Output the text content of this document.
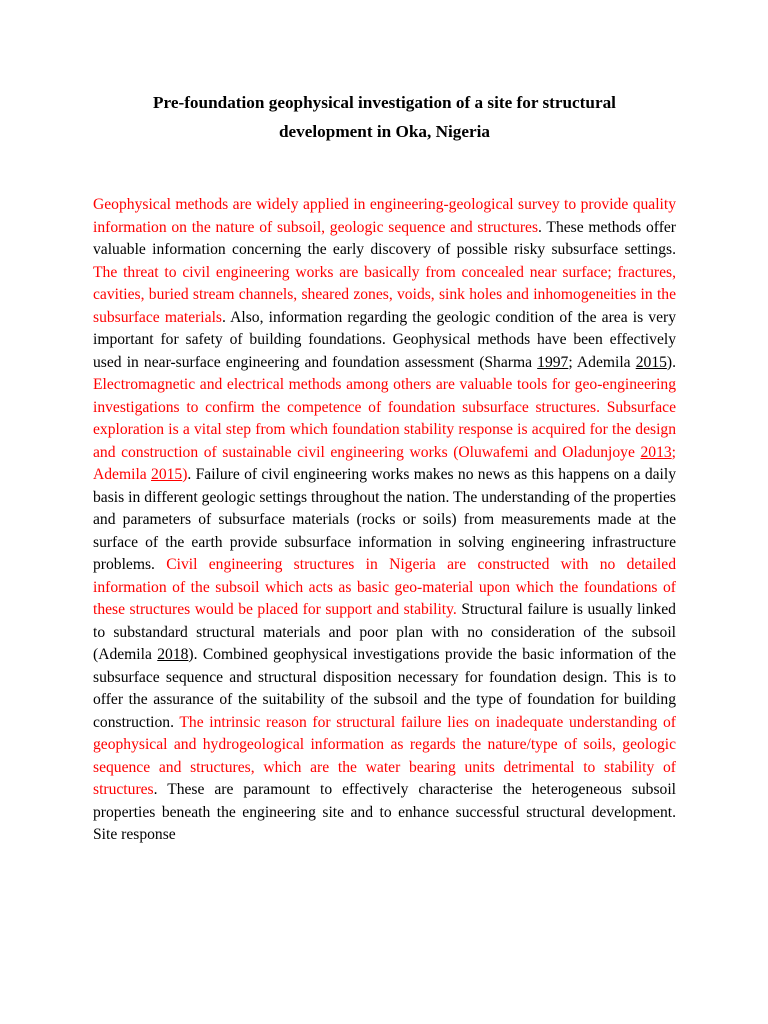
Pre-foundation geophysical investigation of a site for structural
development in Oka, Nigeria

Geophysical methods are widely applied in engineering-geological survey to provide quality information on the nature of subsoil, geologic sequence and structures. These methods offer valuable information concerning the early discovery of possible risky subsurface settings. The threat to civil engineering works are basically from concealed near surface; fractures, cavities, buried stream channels, sheared zones, voids, sink holes and inhomogeneities in the subsurface materials. Also, information regarding the geologic condition of the area is very important for safety of building foundations. Geophysical methods have been effectively used in near-surface engineering and foundation assessment (Sharma 1997; Ademila 2015). Electromagnetic and electrical methods among others are valuable tools for geo-engineering investigations to confirm the competence of foundation subsurface structures. Subsurface exploration is a vital step from which foundation stability response is acquired for the design and construction of sustainable civil engineering works (Oluwafemi and Oladunjoye 2013; Ademila 2015). Failure of civil engineering works makes no news as this happens on a daily basis in different geologic settings throughout the nation. The understanding of the properties and parameters of subsurface materials (rocks or soils) from measurements made at the surface of the earth provide subsurface information in solving engineering infrastructure problems. Civil engineering structures in Nigeria are constructed with no detailed information of the subsoil which acts as basic geo-material upon which the foundations of these structures would be placed for support and stability. Structural failure is usually linked to substandard structural materials and poor plan with no consideration of the subsoil (Ademila 2018). Combined geophysical investigations provide the basic information of the subsurface sequence and structural disposition necessary for foundation design. This is to offer the assurance of the suitability of the subsoil and the type of foundation for building construction. The intrinsic reason for structural failure lies on inadequate understanding of geophysical and hydrogeological information as regards the nature/type of soils, geologic sequence and structures, which are the water bearing units detrimental to stability of structures. These are paramount to effectively characterise the heterogeneous subsoil properties beneath the engineering site and to enhance successful structural development. Site response
